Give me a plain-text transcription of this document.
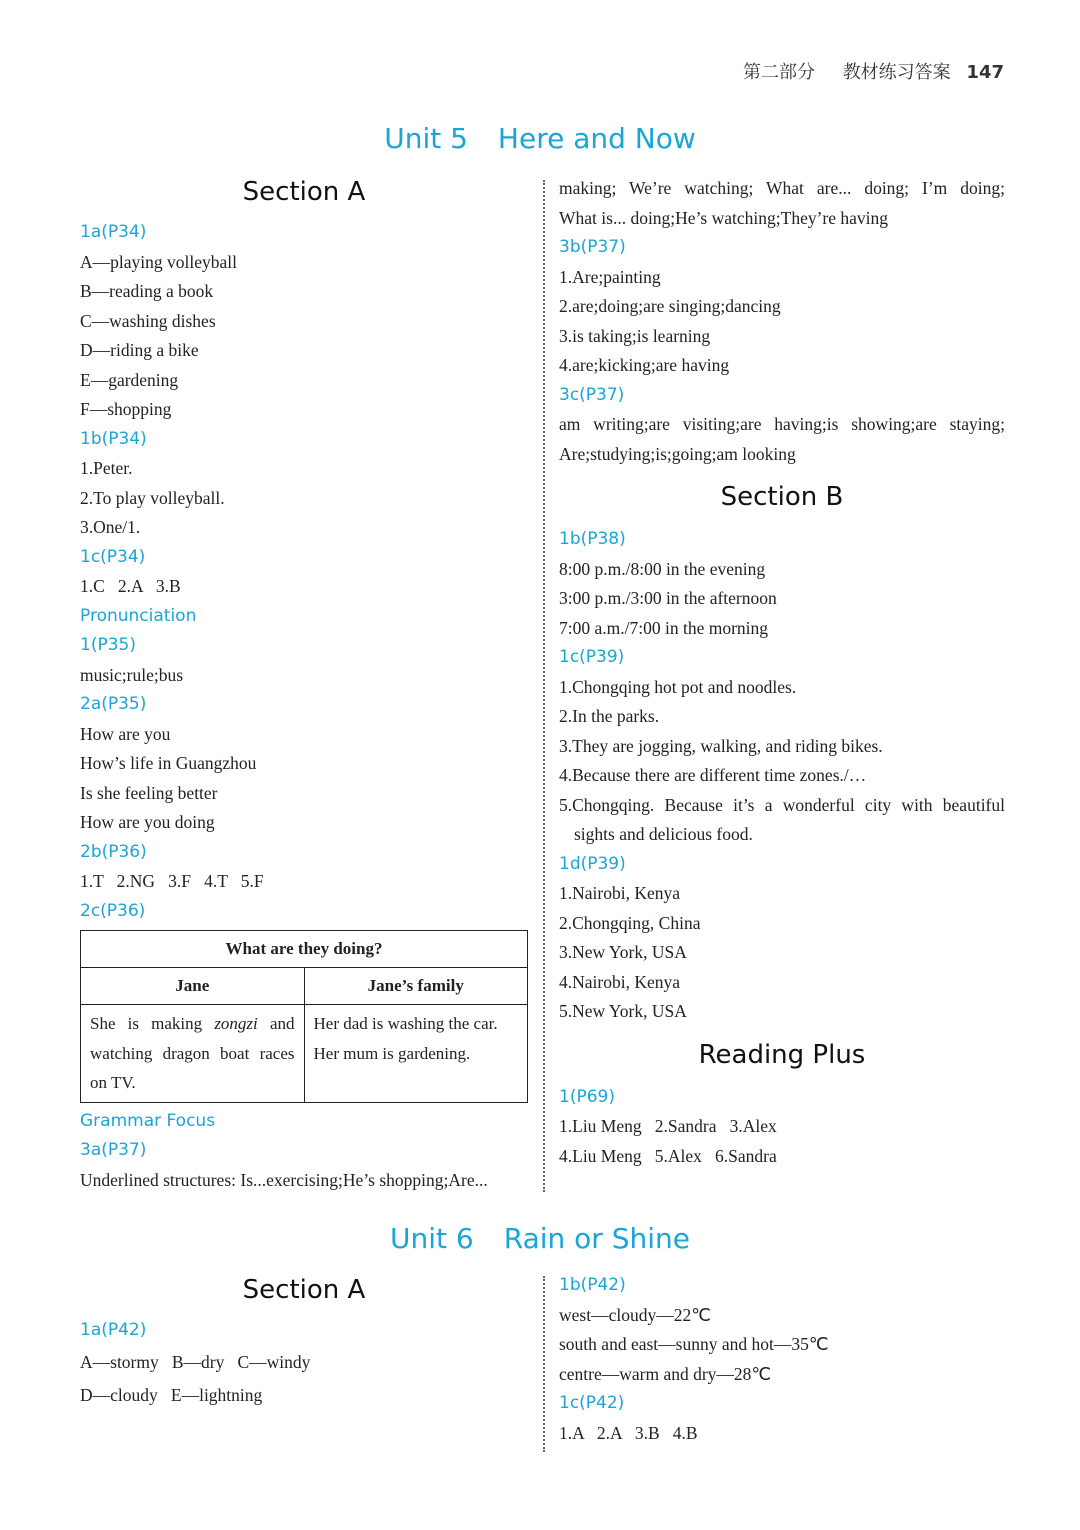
第二部分 教材练习答案 147
Unit 5 Here and Now
Section A
1a(P34)
A—playing volleyball
B—reading a book
C—washing dishes
D—riding a bike
E—gardening
F—shopping
1b(P34)
1.Peter.
2.To play volleyball.
3.One/1.
1c(P34)
1.C   2.A   3.B
Pronunciation
1(P35)
music;rule;bus
2a(P35)
How are you
How’s life in Guangzhou
Is she feeling better
How are you doing
2b(P36)
1.T   2.NG   3.F   4.T   5.F
2c(P36)
What are they doing?	
Jane	Jane’s family
She is making zongzi and watching dragon boat races on TV.	Her dad is washing the car.
Her mum is gardening.
Grammar Focus
3a(P37)
Underlined structures: Is...exercising;He’s shopping;Are...
making; We’re watching; What are... doing; I’m doing;
What is... doing;He’s watching;They’re having
3b(P37)
1.Are;painting
2.are;doing;are singing;dancing
3.is taking;is learning
4.are;kicking;are having
3c(P37)
am writing;are visiting;are having;is showing;are staying;
Are;studying;is;going;am looking
Section B
1b(P38)
8:00 p.m./8:00 in the evening
3:00 p.m./3:00 in the afternoon
7:00 a.m./7:00 in the morning
1c(P39)
1.Chongqing hot pot and noodles.
2.In the parks.
3.They are jogging, walking, and riding bikes.
4.Because there are different time zones./…
5.Chongqing. Because it’s a wonderful city with beautiful
sights and delicious food.
1d(P39)
1.Nairobi, Kenya
2.Chongqing, China
3.New York, USA
4.Nairobi, Kenya
5.New York, USA
Reading Plus
1(P69)
1.Liu Meng   2.Sandra   3.Alex
4.Liu Meng   5.Alex   6.Sandra
Unit 6 Rain or Shine
Section A
1a(P42)
A—stormy   B—dry   C—windy
D—cloudy   E—lightning
1b(P42)
west—cloudy—22℃
south and east—sunny and hot—35℃
centre—warm and dry—28℃
1c(P42)
1.A   2.A   3.B   4.B
